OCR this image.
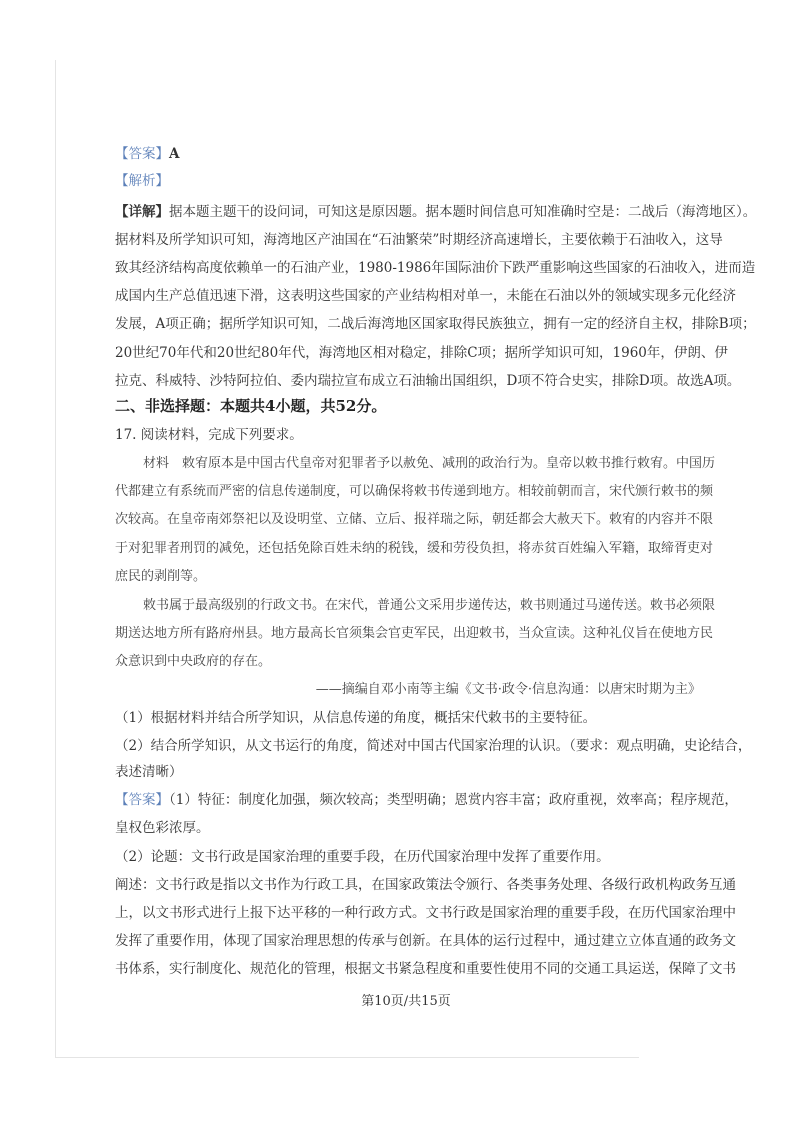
【答案】A
【解析】
【详解】据本题主题干的设问词，可知这是原因题。据本题时间信息可知准确时空是：二战后（海湾地区）。
据材料及所学知识可知，海湾地区产油国在“石油繁荣”时期经济高速增长，主要依赖于石油收入，这导
致其经济结构高度依赖单一的石油产业，1980-1986年国际油价下跌严重影响这些国家的石油收入，进而造
成国内生产总值迅速下滑，这表明这些国家的产业结构相对单一，未能在石油以外的领域实现多元化经济
发展，A项正确；据所学知识可知，二战后海湾地区国家取得民族独立，拥有一定的经济自主权，排除B项；
20世纪70年代和20世纪80年代，海湾地区相对稳定，排除C项；据所学知识可知，1960年，伊朗、伊
拉克、科威特、沙特阿拉伯、委内瑞拉宣布成立石油输出国组织，D项不符合史实，排除D项。故选A项。
二、非选择题：本题共4小题，共52分。
17. 阅读材料，完成下列要求。
材料　敕宥原本是中国古代皇帝对犯罪者予以赦免、减刑的政治行为。皇帝以敕书推行敕宥。中国历
代都建立有系统而严密的信息传递制度，可以确保将敕书传递到地方。相较前朝而言，宋代颁行敕书的频
次较高。在皇帝南郊祭祀以及设明堂、立储、立后、报祥瑞之际，朝廷都会大赦天下。敕宥的内容并不限
于对犯罪者刑罚的减免，还包括免除百姓未纳的税钱，缓和劳役负担，将赤贫百姓编入军籍，取缔胥吏对
庶民的剥削等。
敕书属于最高级别的行政文书。在宋代，普通公文采用步递传达，敕书则通过马递传送。敕书必须限
期送达地方所有路府州县。地方最高长官须集会官吏军民，出迎敕书，当众宣读。这种礼仪旨在使地方民
众意识到中央政府的存在。
——摘编自邓小南等主编《文书·政令·信息沟通：以唐宋时期为主》
（1）根据材料并结合所学知识，从信息传递的角度，概括宋代敕书的主要特征。
（2）结合所学知识，从文书运行的角度，简述对中国古代国家治理的认识。（要求：观点明确，史论结合，
表述清晰）
【答案】（1）特征：制度化加强，频次较高；类型明确；恩赏内容丰富；政府重视，效率高；程序规范，
皇权色彩浓厚。
（2）论题：文书行政是国家治理的重要手段，在历代国家治理中发挥了重要作用。
阐述：文书行政是指以文书作为行政工具，在国家政策法令颁行、各类事务处理、各级行政机构政务互通
上，以文书形式进行上报下达平移的一种行政方式。文书行政是国家治理的重要手段，在历代国家治理中
发挥了重要作用，体现了国家治理思想的传承与创新。在具体的运行过程中，通过建立立体直通的政务文
书体系，实行制度化、规范化的管理，根据文书紧急程度和重要性使用不同的交通工具运送，保障了文书
第10页/共15页
